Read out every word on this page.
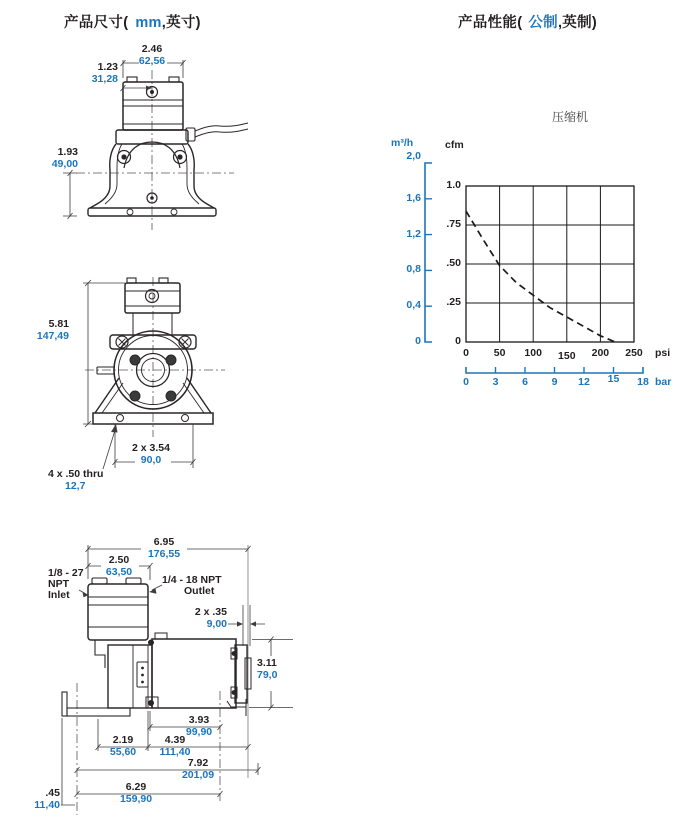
产品尺寸( mm,英寸)	产品性能( 公制,英制)
2.46
62,56
1.23
31,28
1.93
49,00
5.81
147,49
2 x 3.54
90,0
4 x .50 thru
12,7
6.95
176,55
2.50
63,50
1/8 - 27
NPT
Inlet
1/4 - 18 NPT
Outlet
2 x .35
9,00
3.11
79,0
3.93
99,90
2.19
55,60
4.39
111,40
7.92
201,09
6.29
159,90
.45
11,40
压缩机
m³/h
2,0
cfm
1.0
.75
.50
.25
0
1,6
1,2
0,8
0,4
0
0	50	100	150	200	250	psi
0	3	6	9	12	15	18 bar
